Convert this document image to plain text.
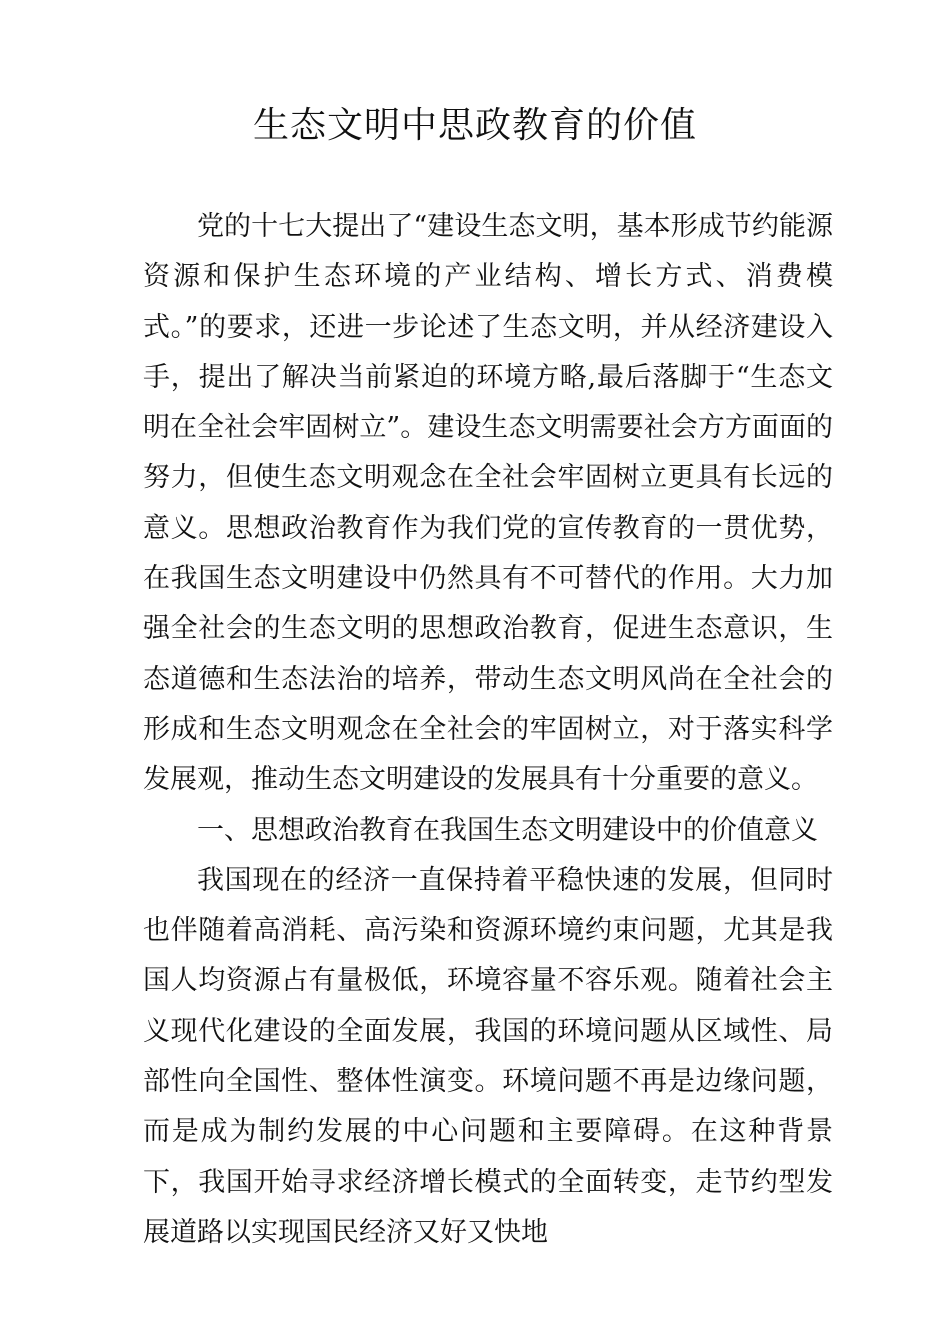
生态文明中思政教育的价值

党的十七大提出了“建设生态文明，基本形成节约能源资源和保护生态环境的产业结构、增长方式、消费模式。”的要求，还进一步论述了生态文明，并从经济建设入手，提出了解决当前紧迫的环境方略,最后落脚于“生态文明在全社会牢固树立”。建设生态文明需要社会方方面面的努力，但使生态文明观念在全社会牢固树立更具有长远的意义。思想政治教育作为我们党的宣传教育的一贯优势，在我国生态文明建设中仍然具有不可替代的作用。大力加强全社会的生态文明的思想政治教育，促进生态意识，生态道德和生态法治的培养，带动生态文明风尚在全社会的形成和生态文明观念在全社会的牢固树立，对于落实科学发展观，推动生态文明建设的发展具有十分重要的意义。

一、思想政治教育在我国生态文明建设中的价值意义

我国现在的经济一直保持着平稳快速的发展，但同时也伴随着高消耗、高污染和资源环境约束问题，尤其是我国人均资源占有量极低，环境容量不容乐观。随着社会主义现代化建设的全面发展，我国的环境问题从区域性、局部性向全国性、整体性演变。环境问题不再是边缘问题，而是成为制约发展的中心问题和主要障碍。在这种背景下，我国开始寻求经济增长模式的全面转变，走节约型发展道路以实现国民经济又好又快地
